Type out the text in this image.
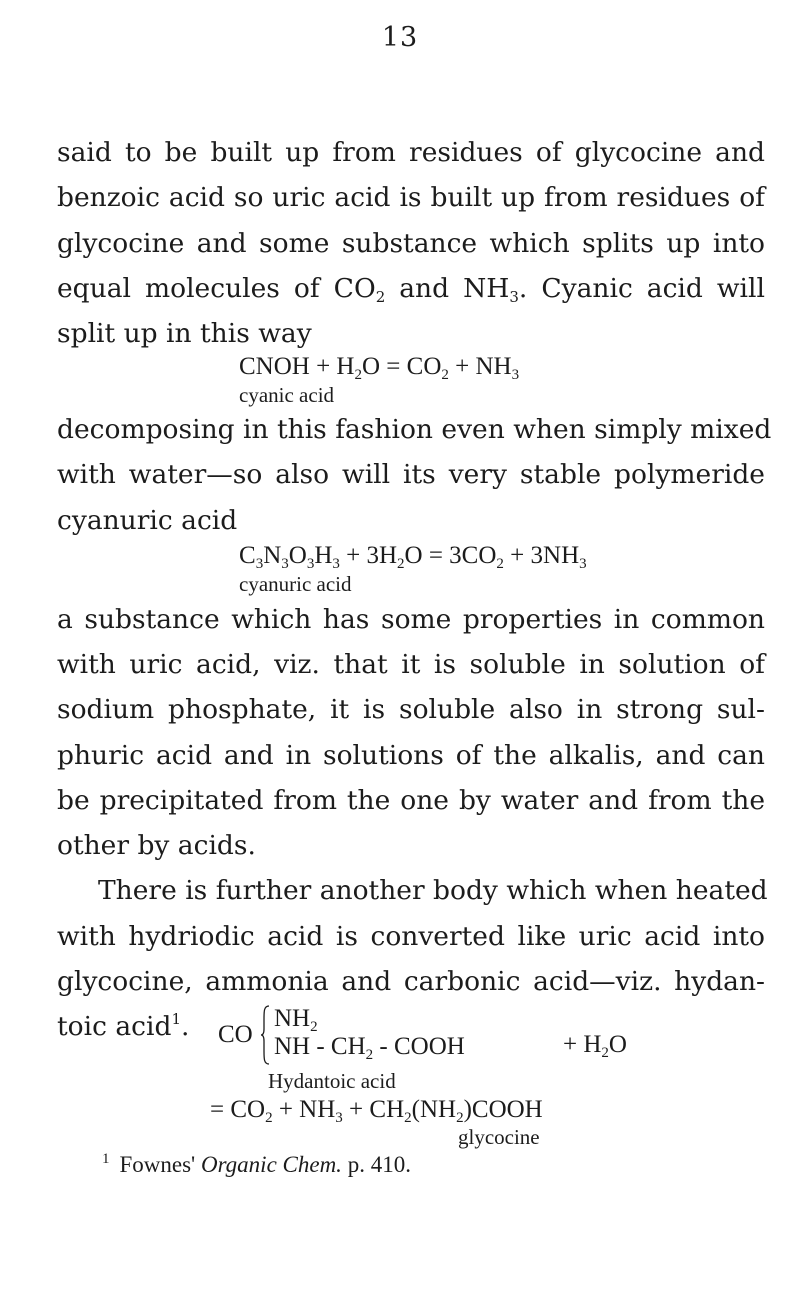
13
said to be built up from residues of glycocine and
benzoic acid so uric acid is built up from residues of
glycocine and some substance which splits up into
equal molecules of $CO_2$ and $NH_3$. Cyanic acid will
split up in this way
CNOH + $H_2O = CO_2 + NH_3$
cyanic acid
decomposing in this fashion even when simply mixed
with water—so also will its very stable polymeride
cyanuric acid
$C_3N_3O_3H_3 + 3H_2O = 3CO_2 + 3NH_3$
cyanuric acid
a substance which has some properties in common
with uric acid, viz. that it is soluble in solution of
sodium phosphate, it is soluble also in strong sul-
phuric acid and in solutions of the alkalis, and can
be precipitated from the one by water and from the
other by acids.
There is further another body which when heated
with hydriodic acid is converted like uric acid into
glycocine, ammonia and carbonic acid—viz. hydan-
toic acid$^1$.	CO
$NH_2$
NH - $CH_2$ - COOH	+ $H_2O$
Hydantoic acid
= $CO_2 + NH_3$ + $CH_2(NH_2)COOH$
glycocine
$^1$ Fownes' Organic Chem. p. 410.
